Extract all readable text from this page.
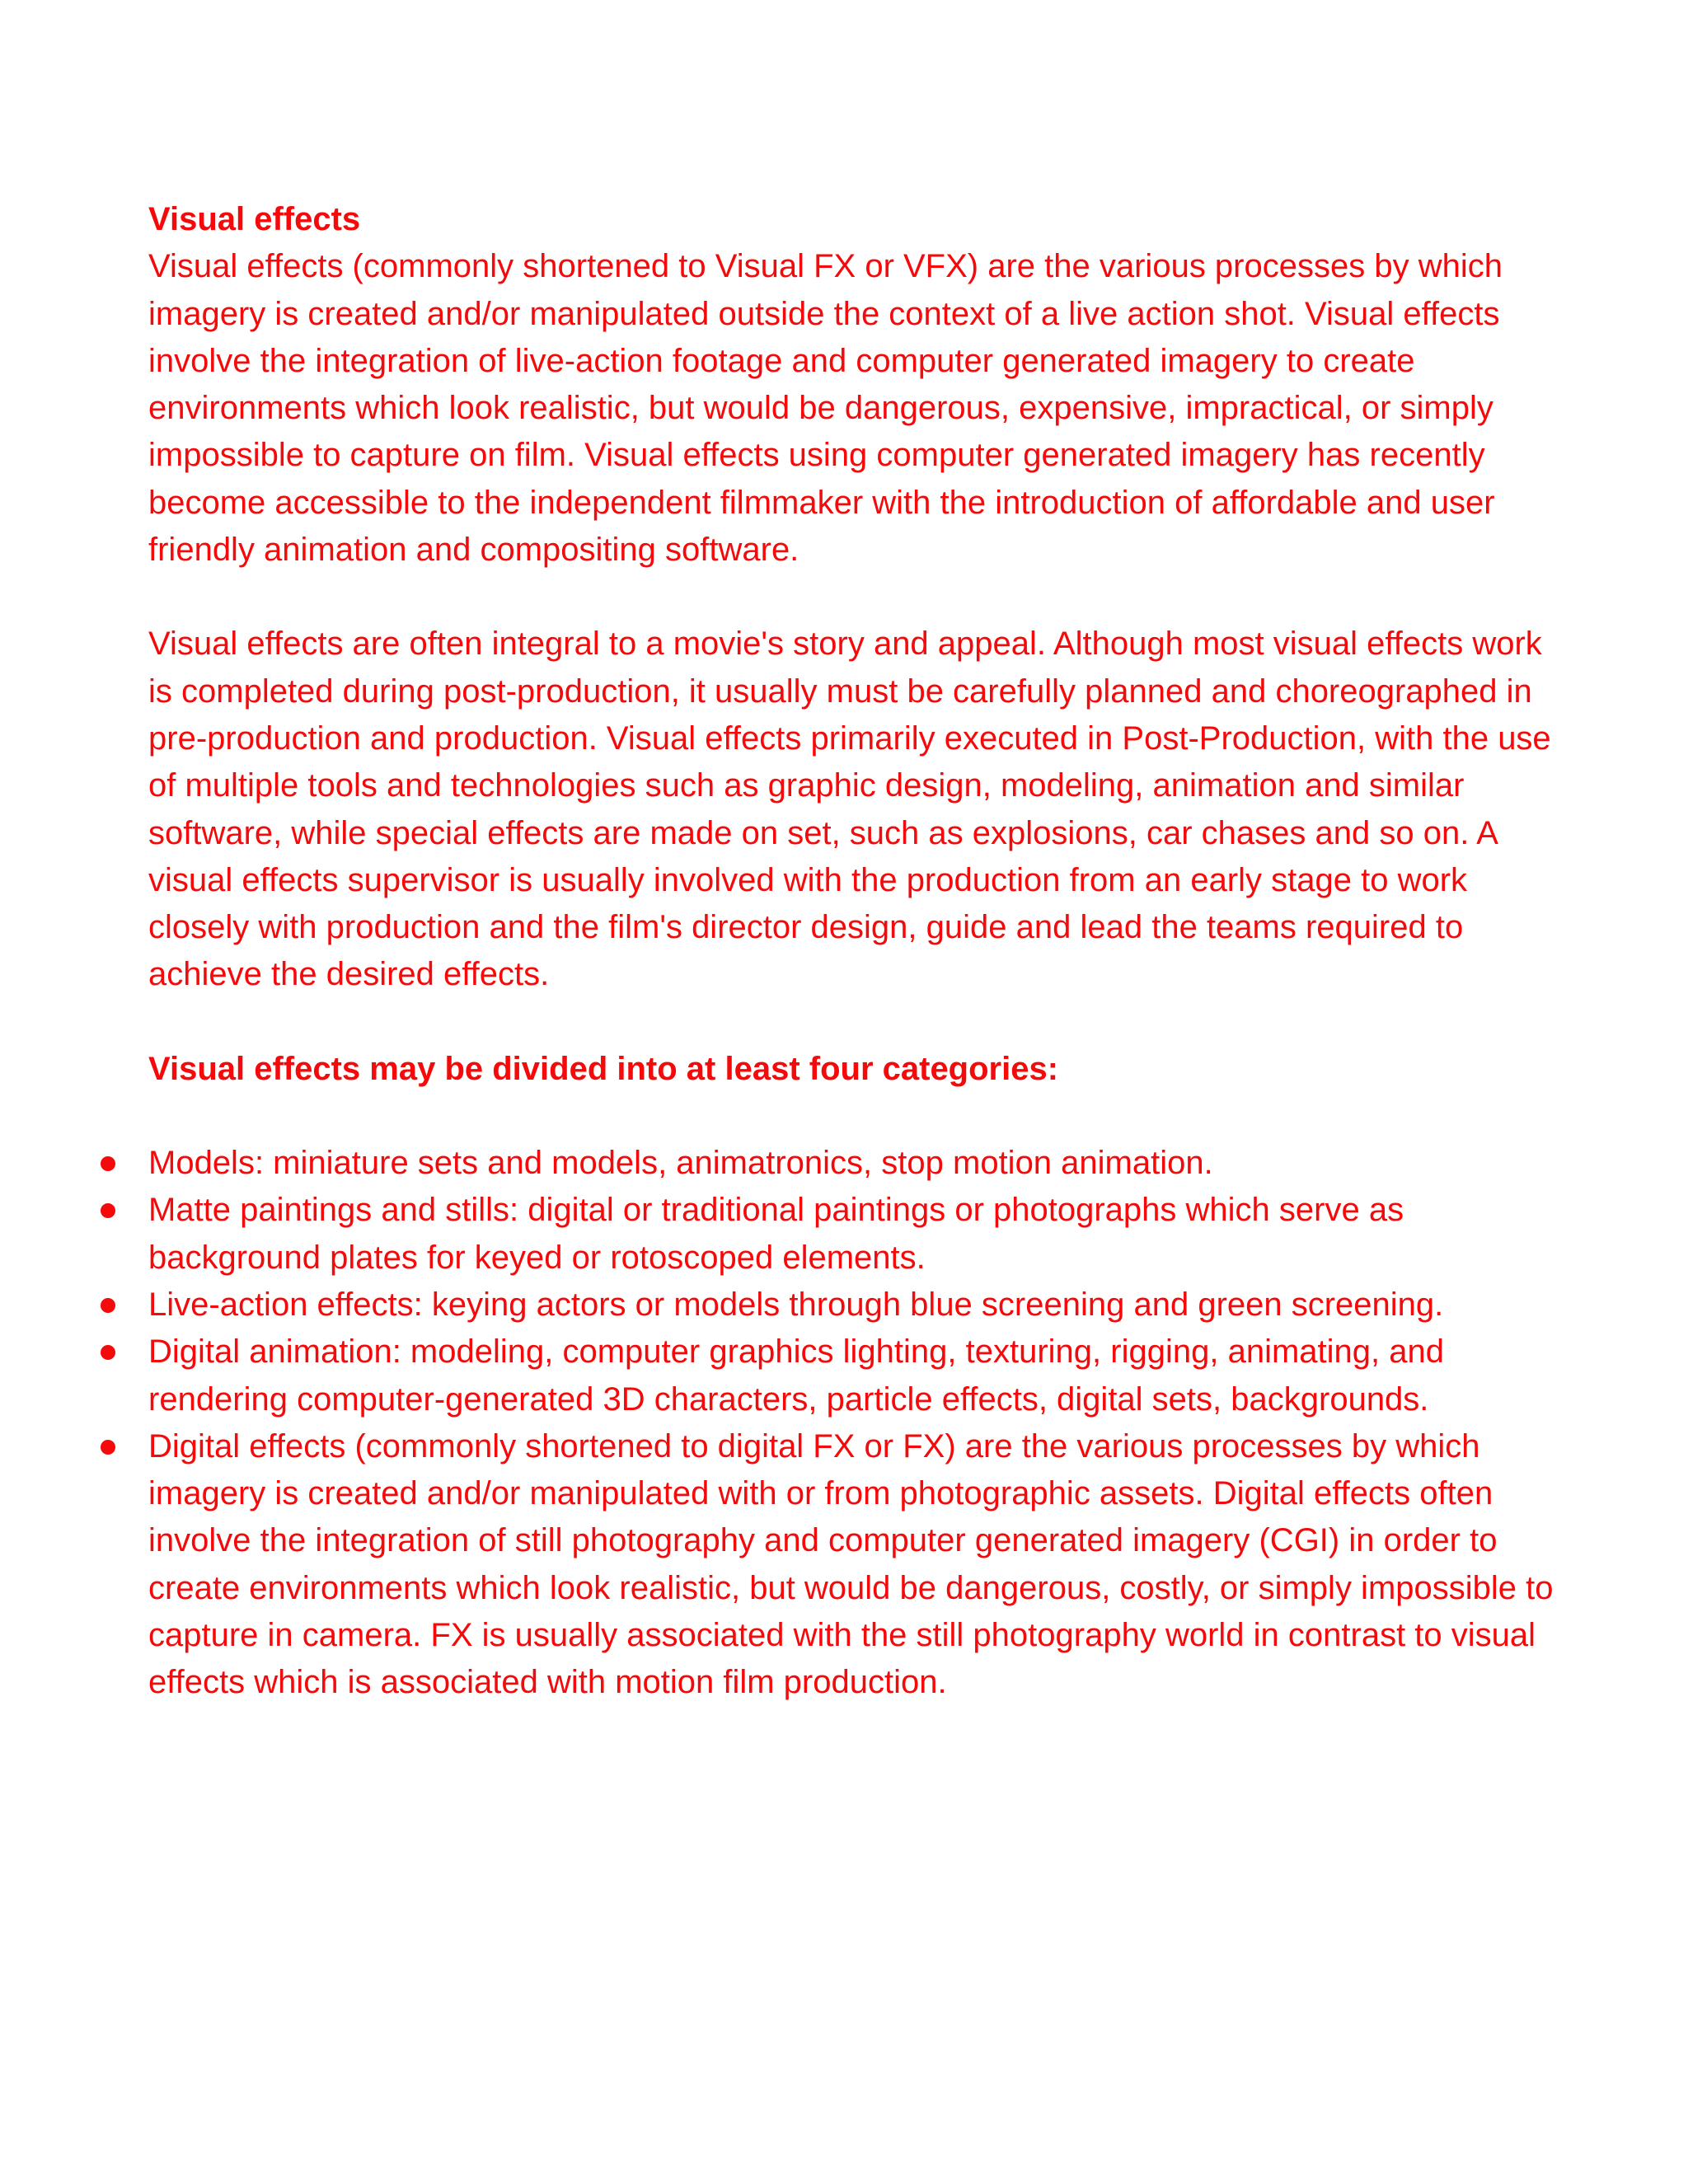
Visual effects

Visual effects (commonly shortened to Visual FX or VFX) are the various processes by which imagery is created and/or manipulated outside the context of a live action shot. Visual effects involve the integration of live-action footage and computer generated imagery to create environments which look realistic, but would be dangerous, expensive, impractical, or simply impossible to capture on film. Visual effects using computer generated imagery has recently become accessible to the independent filmmaker with the introduction of affordable and user friendly animation and compositing software.

Visual effects are often integral to a movie's story and appeal. Although most visual effects work is completed during post-production, it usually must be carefully planned and choreographed in pre-production and production. Visual effects primarily executed in Post-Production, with the use of multiple tools and technologies such as graphic design, modeling, animation and similar software, while special effects are made on set, such as explosions, car chases and so on. A visual effects supervisor is usually involved with the production from an early stage to work closely with production and the film's director design, guide and lead the teams required to achieve the desired effects.

Visual effects may be divided into at least four categories:

Models: miniature sets and models, animatronics, stop motion animation.
Matte paintings and stills: digital or traditional paintings or photographs which serve as background plates for keyed or rotoscoped elements.
Live-action effects: keying actors or models through blue screening and green screening.
Digital animation: modeling, computer graphics lighting, texturing, rigging, animating, and rendering computer-generated 3D characters, particle effects, digital sets, backgrounds.
Digital effects (commonly shortened to digital FX or FX) are the various processes by which imagery is created and/or manipulated with or from photographic assets. Digital effects often involve the integration of still photography and computer generated imagery (CGI) in order to create environments which look realistic, but would be dangerous, costly, or simply impossible to capture in camera. FX is usually associated with the still photography world in contrast to visual effects which is associated with motion film production.
